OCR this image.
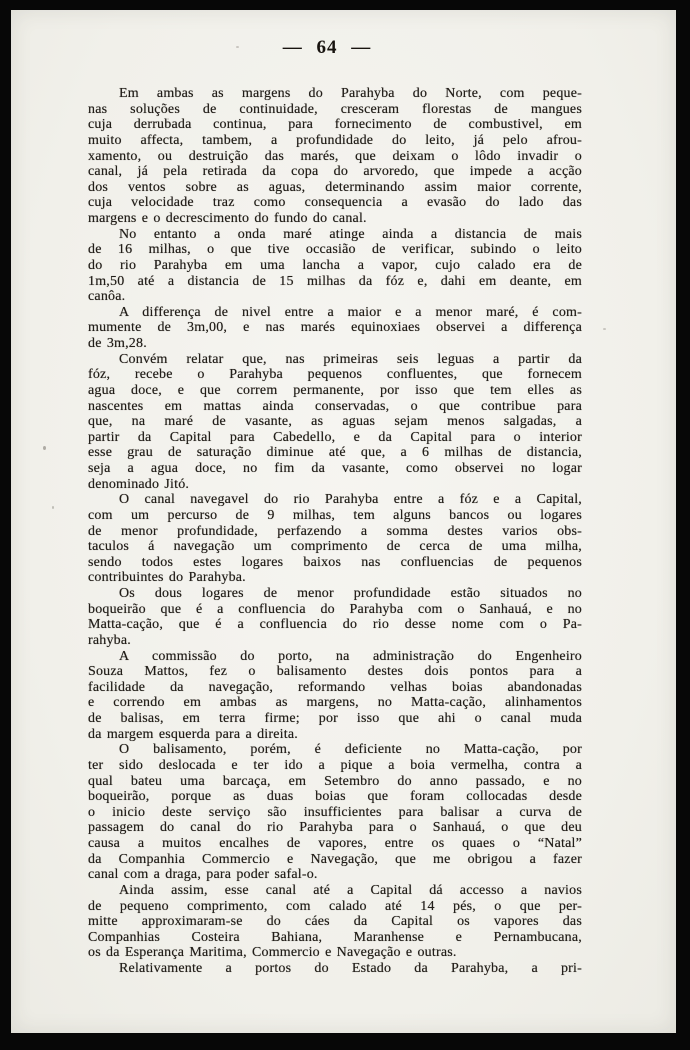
— 64 —

Em ambas as margens do Parahyba do Norte, com peque-
nas soluções de continuidade, cresceram florestas de mangues
cuja derrubada continua, para fornecimento de combustivel, em
muito affecta, tambem, a profundidade do leito, já pelo afrou-
xamento, ou destruição das marés, que deixam o lôdo invadir o
canal, já pela retirada da copa do arvoredo, que impede a acção
dos ventos sobre as aguas, determinando assim maior corrente,
cuja velocidade traz como consequencia a evasão do lado das
margens e o decrescimento do fundo do canal.

No entanto a onda maré atinge ainda a distancia de mais
de 16 milhas, o que tive occasião de verificar, subindo o leito
do rio Parahyba em uma lancha a vapor, cujo calado era de
1m,50 até a distancia de 15 milhas da fóz e, dahi em deante, em
canôa.

A differença de nivel entre a maior e a menor maré, é com-
mumente de 3m,00, e nas marés equinoxiaes observei a differença
de 3m,28.

Convém relatar que, nas primeiras seis leguas a partir da
fóz, recebe o Parahyba pequenos confluentes, que fornecem
agua doce, e que correm permanente, por isso que tem elles as
nascentes em mattas ainda conservadas, o que contribue para
que, na maré de vasante, as aguas sejam menos salgadas, a
partir da Capital para Cabedello, e da Capital para o interior
esse grau de saturação diminue até que, a 6 milhas de distancia,
seja a agua doce, no fim da vasante, como observei no logar
denominado Jitó.

O canal navegavel do rio Parahyba entre a fóz e a Capital,
com um percurso de 9 milhas, tem alguns bancos ou logares
de menor profundidade, perfazendo a somma destes varios obs-
taculos á navegação um comprimento de cerca de uma milha,
sendo todos estes logares baixos nas confluencias de pequenos
contribuintes do Parahyba.

Os dous logares de menor profundidade estão situados no
boqueirão que é a confluencia do Parahyba com o Sanhauá, e no
Matta-cação, que é a confluencia do rio desse nome com o Pa-
rahyba.

A commissão do porto, na administração do Engenheiro
Souza Mattos, fez o balisamento destes dois pontos para a
facilidade da navegação, reformando velhas boias abandonadas
e correndo em ambas as margens, no Matta-cação, alinhamentos
de balisas, em terra firme; por isso que ahi o canal muda
da margem esquerda para a direita.

O balisamento, porém, é deficiente no Matta-cação, por
ter sido deslocada e ter ido a pique a boia vermelha, contra a
qual bateu uma barcaça, em Setembro do anno passado, e no
boqueirão, porque as duas boias que foram collocadas desde
o inicio deste serviço são insufficientes para balisar a curva de
passagem do canal do rio Parahyba para o Sanhauá, o que deu
causa a muitos encalhes de vapores, entre os quaes o “Natal”
da Companhia Commercio e Navegação, que me obrigou a fazer
canal com a draga, para poder safal-o.

Ainda assim, esse canal até a Capital dá accesso a navios
de pequeno comprimento, com calado até 14 pés, o que per-
mitte approximaram-se do cáes da Capital os vapores das
Companhias Costeira Bahiana, Maranhense e Pernambucana,
os da Esperança Maritima, Commercio e Navegação e outras.

Relativamente a portos do Estado da Parahyba, a pri-
